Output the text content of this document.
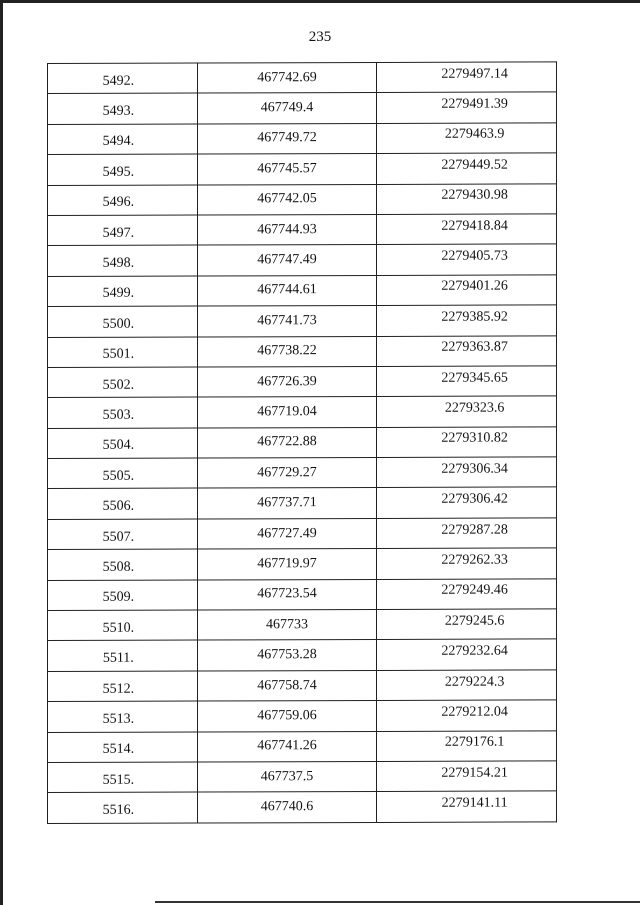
235
5492.	467742.69	2279497.14
5493.	467749.4	2279491.39
5494.	467749.72	2279463.9
5495.	467745.57	2279449.52
5496.	467742.05	2279430.98
5497.	467744.93	2279418.84
5498.	467747.49	2279405.73
5499.	467744.61	2279401.26
5500.	467741.73	2279385.92
5501.	467738.22	2279363.87
5502.	467726.39	2279345.65
5503.	467719.04	2279323.6
5504.	467722.88	2279310.82
5505.	467729.27	2279306.34
5506.	467737.71	2279306.42
5507.	467727.49	2279287.28
5508.	467719.97	2279262.33
5509.	467723.54	2279249.46
5510.	467733	2279245.6
5511.	467753.28	2279232.64
5512.	467758.74	2279224.3
5513.	467759.06	2279212.04
5514.	467741.26	2279176.1
5515.	467737.5	2279154.21
5516.	467740.6	2279141.11
